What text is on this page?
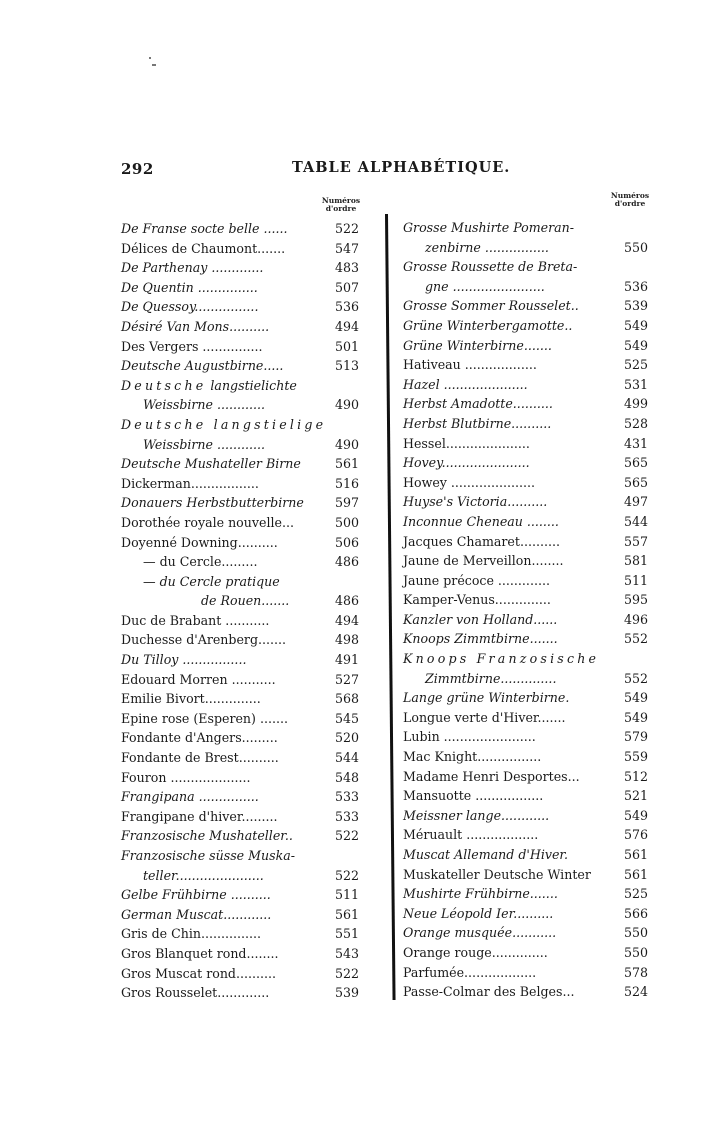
292	TABLE ALPHABÉTIQUE.
Numéros
d'ordre
Numéros
d'ordre
De Franse socte belle ......	522
Délices de Chaumont.......	547
De Parthenay .............	483
De Quentin ...............	507
De Quessoy................	536
Désiré Van Mons..........	494
Des Vergers ...............	501
Deutsche Augustbirne.....	513
Deutsche langstielichte
Weissbirne ............	490
Deutsche langstielige
Weissbirne ............	490
Deutsche Mushateller Birne	561
Dickerman.................	516
Donauers Herbstbutterbirne	597
Dorothée royale nouvelle...	500
Doyenné Downing..........	506
— du Cercle.........	486
— du Cercle pratique
de Rouen.......	486
Duc de Brabant ...........	494
Duchesse d'Arenberg.......	498
Du Tilloy ................	491
Edouard Morren ...........	527
Emilie Bivort..............	568
Epine rose (Esperen) .......	545
Fondante d'Angers.........	520
Fondante de Brest..........	544
Fouron ....................	548
Frangipana ...............	533
Frangipane d'hiver.........	533
Franzosische Mushateller..	522
Franzosische süsse Muska-
teller......................	522
Gelbe Frühbirne ..........	511
German Muscat............	561
Gris de Chin...............	551
Gros Blanquet rond........	543
Gros Muscat rond..........	522
Gros Rousselet.............	539
Grosse Mushirte Pomeran-
zenbirne ................	550
Grosse Roussette de Breta-
gne .......................	536
Grosse Sommer Rousselet..	539
Grüne Winterbergamotte..	549
Grüne Winterbirne.......	549
Hativeau ..................	525
Hazel .....................	531
Herbst Amadotte..........	499
Herbst Blutbirne..........	528
Hessel.....................	431
Hovey......................	565
Howey .....................	565
Huyse's Victoria..........	497
Inconnue Cheneau ........	544
Jacques Chamaret..........	557
Jaune de Merveillon........	581
Jaune précoce .............	511
Kamper-Venus..............	595
Kanzler von Holland......	496
Knoops Zimmtbirne.......	552
Knoops Franzosische
Zimmtbirne..............	552
Lange grüne Winterbirne.	549
Longue verte d'Hiver.......	549
Lubin .......................	579
Mac Knight................	559
Madame Henri Desportes...	512
Mansuotte .................	521
Meissner lange............	549
Méruault ..................	576
Muscat Allemand d'Hiver.	561
Muskateller Deutsche Winter	561
Mushirte Frühbirne.......	525
Neue Léopold Ier..........	566
Orange musquée...........	550
Orange rouge..............	550
Parfumée..................	578
Passe-Colmar des Belges...	524
